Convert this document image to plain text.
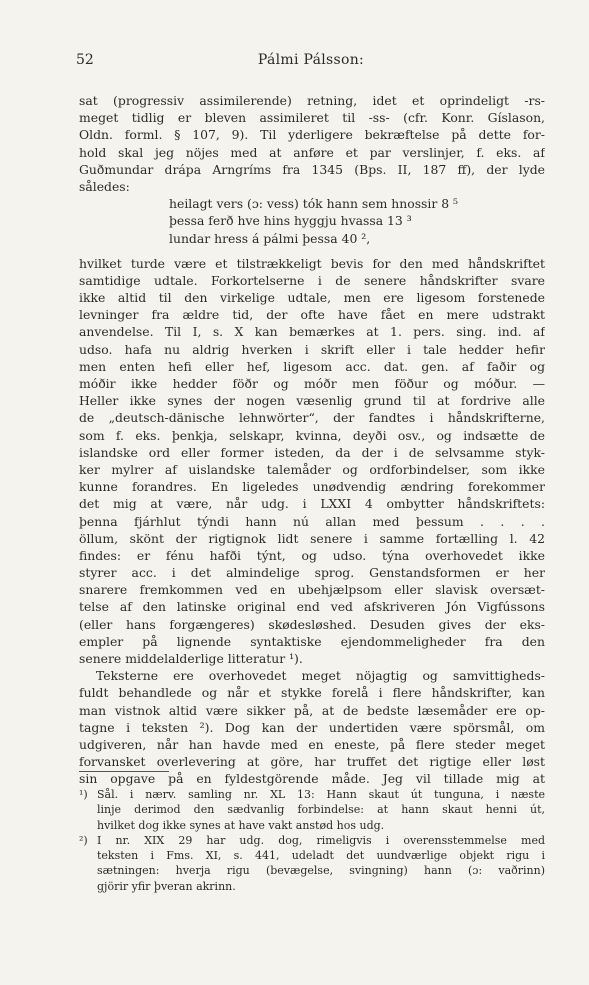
52	Pálmi Pálsson:
sat (progressiv assimilerende) retning, idet et oprindeligt -rs-
meget tidlig er bleven assimileret til -ss- (cfr. Konr. Gíslason,
Oldn. forml. § 107, 9). Til yderligere bekræftelse på dette for-
hold skal jeg nöjes med at anføre et par verslinjer, f. eks. af
Guðmundar drápa Arngríms fra 1345 (Bps. II, 187 ff), der lyde
således:
heilagt vers (ɔ: vess) tók hann sem hnossir 8 ⁵
þessa ferð hve hins hyggju hvassa 13 ³
lundar hress á pálmi þessa 40 ²,
hvilket turde være et tilstrækkeligt bevis for den med håndskriftet
samtidige udtale. Forkortelserne i de senere håndskrifter svare
ikke altid til den virkelige udtale, men ere ligesom forstenede
levninger fra ældre tid, der ofte have fået en mere udstrakt
anvendelse. Til I, s. X kan bemærkes at 1. pers. sing. ind. af
udso. hafa nu aldrig hverken i skrift eller i tale hedder hefir
men enten hefi eller hef, ligesom acc. dat. gen. af faðir og
móðir ikke hedder föðr og móðr men föður og móður. —
Heller ikke synes der nogen væsenlig grund til at fordrive alle
de „deutsch-dänische lehnwörter“, der fandtes i håndskrifterne,
som f. eks. þenkja, selskapr, kvinna, deyði osv., og indsætte de
islandske ord eller former isteden, da der i de selvsamme styk-
ker mylrer af uislandske talemåder og ordforbindelser, som ikke
kunne forandres. En ligeledes unødvendig ændring forekommer
det mig at være, når udg. i LXXI 4 ombytter håndskriftets:
þenna fjárhlut týndi hann nú allan med þessum . . . .
öllum, skönt der rigtignok lidt senere i samme fortælling l. 42
findes: er fénu hafði týnt, og udso. týna overhovedet ikke
styrer acc. i det almindelige sprog. Genstandsformen er her
snarere fremkommen ved en ubehjælpsom eller slavisk oversæt-
telse af den latinske original end ved afskriveren Jón Vigfússons
(eller hans forgængeres) skødesløshed. Desuden gives der eks-
empler på lignende syntaktiske ejendommeligheder fra den
senere middelalderlige litteratur ¹).
Teksterne ere overhovedet meget nöjagtig og samvittigheds-
fuldt behandlede og når et stykke forelå i flere håndskrifter, kan
man vistnok altid være sikker på, at de bedste læsemåder ere op-
tagne i teksten ²). Dog kan der undertiden være spörsmål, om
udgiveren, når han havde med en eneste, på flere steder meget
forvansket overlevering at göre, har truffet det rigtige eller løst
sin opgave på en fyldestgörende måde. Jeg vil tillade mig at
¹) Sål. i nærv. samling nr. XL 13: Hann skaut út tunguna, i næste
linje derimod den sædvanlig forbindelse: at hann skaut henni út,
hvilket dog ikke synes at have vakt anstød hos udg.
²) I nr. XIX 29 har udg. dog, rimeligvis i overensstemmelse med
teksten i Fms. XI, s. 441, udeladt det uundværlige objekt rigu i
sætningen: hverja rigu (bevægelse, svingning) hann (ɔ: vaðrinn)
gjörir yfir þveran akrinn.
